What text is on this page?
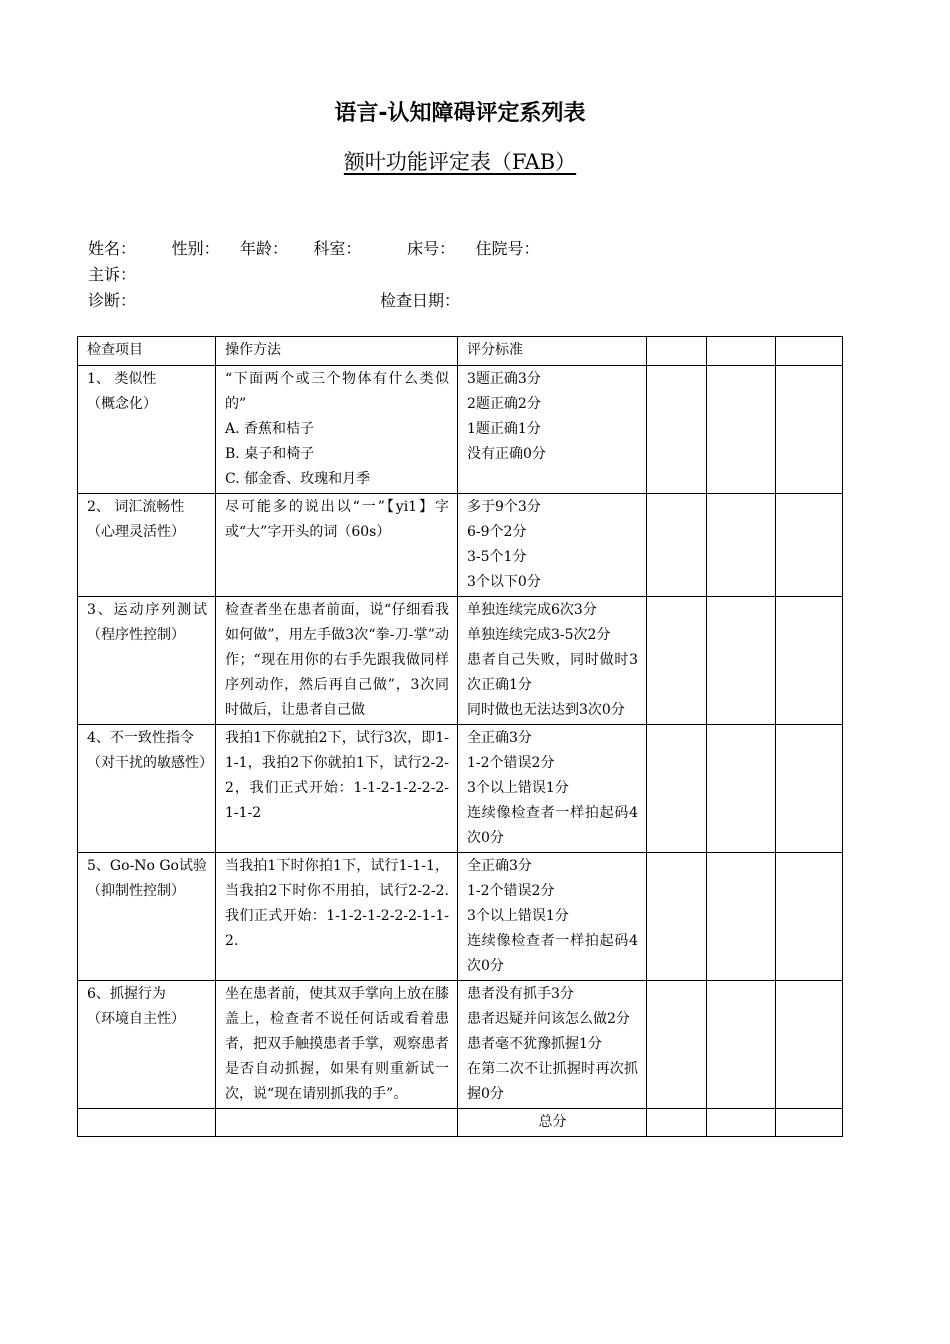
语言-认知障碍评定系列表
额叶功能评定表（FAB）
姓名：       性别：    年龄：     科室：         床号：    住院号：
主诉：
诊断：	检查日期：
检查项目	操作方法	评分标准			

1、 类似性
（概念化）	“下面两个或三个物体有什么类似的”
A. 香蕉和桔子
B. 桌子和椅子
C. 郁金香、玫瑰和月季	3题正确3分
2题正确2分
1题正确1分
没有正确0分			

2、 词汇流畅性
（心理灵活性）	尽可能多的说出以“一”【yi1】字或“大”字开头的词（60s）	多于9个3分
6-9个2分
3-5个1分
3个以下0分			

3、运动序列测试（程序性控制）	检查者坐在患者前面，说“仔细看我如何做”，用左手做3次“拳-刀-掌”动作；“现在用你的右手先跟我做同样序列动作，然后再自己做”，3次同时做后，让患者自己做	单独连续完成6次3分
单独连续完成3-5次2分
患者自己失败，同时做时3次正确1分
同时做也无法达到3次0分			

4、不一致性指令
（对干扰的敏感性）	我拍1下你就拍2下，试行3次，即1-1-1，我拍2下你就拍1下，试行2-2-2，我们正式开始：1-1-2-1-2-2-2-1-1-2	全正确3分
1-2个错误2分
3个以上错误1分
连续像检查者一样拍起码4次0分			

5、Go-No Go试验
（抑制性控制）	当我拍1下时你拍1下，试行1-1-1，当我拍2下时你不用拍，试行2-2-2.我们正式开始：1-1-2-1-2-2-2-1-1-2.	全正确3分
1-2个错误2分
3个以上错误1分
连续像检查者一样拍起码4次0分			

6、抓握行为
（环境自主性）	坐在患者前，使其双手掌向上放在膝盖上，检查者不说任何话或看着患者，把双手触摸患者手掌，观察患者是否自动抓握，如果有则重新试一次，说“现在请别抓我的手”。	患者没有抓手3分
患者迟疑并问该怎么做2分
患者毫不犹豫抓握1分
在第二次不让抓握时再次抓握0分			

		总分			
